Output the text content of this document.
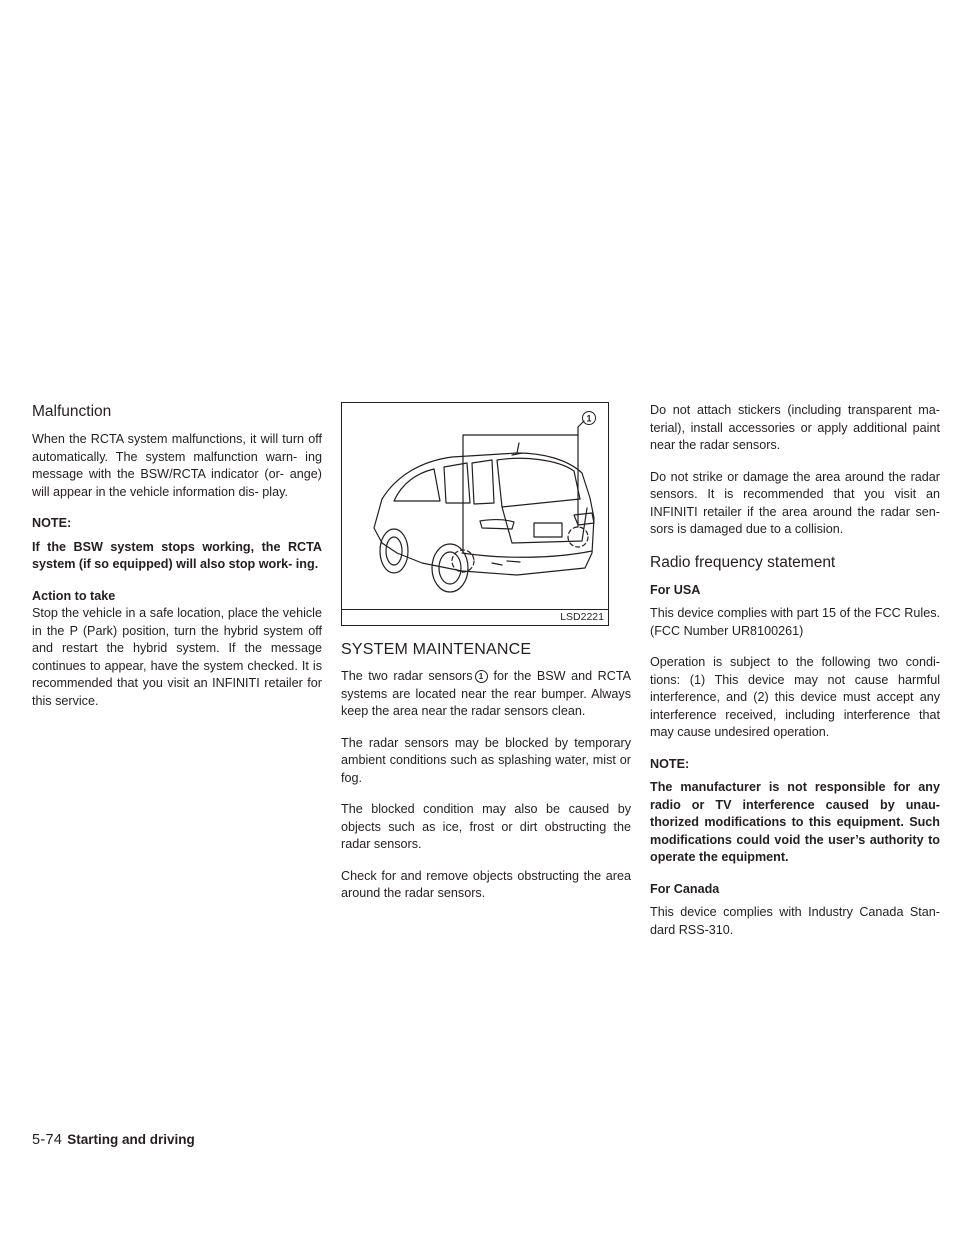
Malfunction

When the RCTA system malfunctions, it will turn off automatically. The system malfunction warn- ing message with the BSW/RCTA indicator (or- ange) will appear in the vehicle information dis- play.

NOTE:

If the BSW system stops working, the RCTA system (if so equipped) will also stop work- ing.

Action to take

Stop the vehicle in a safe location, place the vehicle in the P (Park) position, turn the hybrid system off and restart the hybrid system. If the message continues to appear, have the system checked. It is recommended that you visit an INFINITI retailer for this service.

1
LSD2221
SYSTEM MAINTENANCE

The two radar sensors 1 for the BSW and RCTA systems are located near the rear bumper. Always keep the area near the radar sensors clean.

The radar sensors may be blocked by temporary ambient conditions such as splashing water, mist or fog.

The blocked condition may also be caused by objects such as ice, frost or dirt obstructing the radar sensors.

Check for and remove objects obstructing the area around the radar sensors.

Do not attach stickers (including transparent ma- terial), install accessories or apply additional paint near the radar sensors.

Do not strike or damage the area around the radar sensors. It is recommended that you visit an INFINITI retailer if the area around the radar sen- sors is damaged due to a collision.

Radio frequency statement
For USA

This device complies with part 15 of the FCC Rules. (FCC Number UR8100261)

Operation is subject to the following two condi- tions: (1) This device may not cause harmful interference, and (2) this device must accept any interference received, including interference that may cause undesired operation.

NOTE:

The manufacturer is not responsible for any radio or TV interference caused by unau- thorized modifications to this equipment. Such modifications could void the user’s authority to operate the equipment.

For Canada

This device complies with Industry Canada Stan- dard RSS-310.

5-74 Starting and driving
